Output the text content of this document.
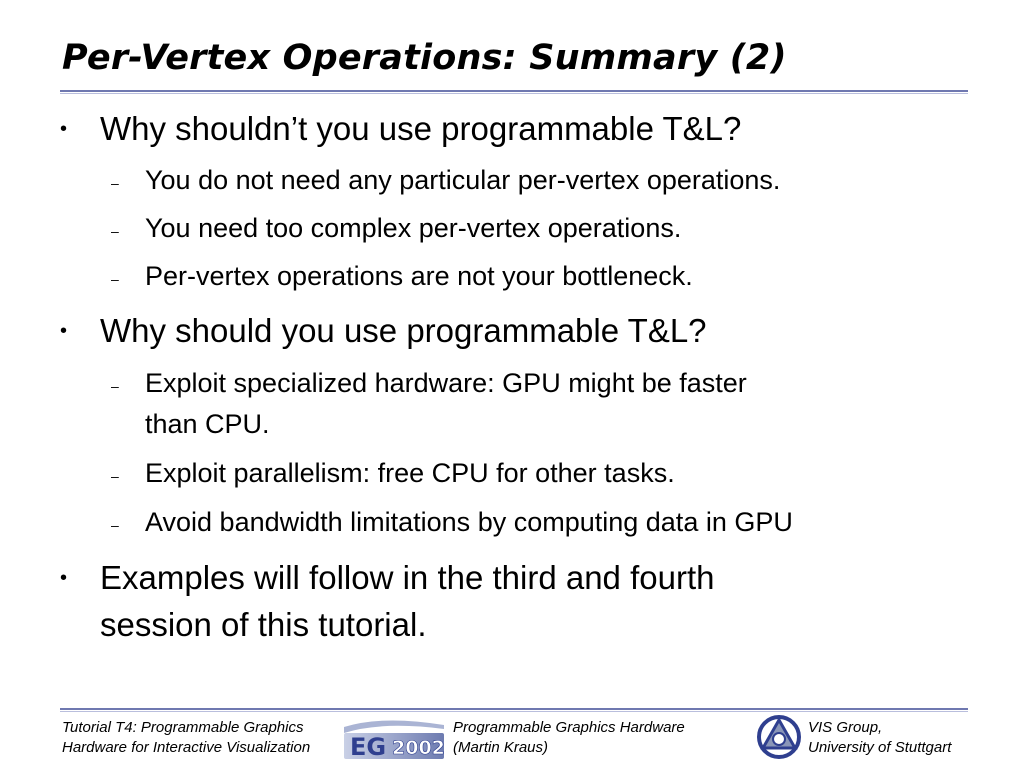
Per-Vertex Operations: Summary (2)
• Why shouldn’t you use programmable T&L?
– You do not need any particular per-vertex operations.
– You need too complex per-vertex operations.
– Per-vertex operations are not your bottleneck.
• Why should you use programmable T&L?
– Exploit specialized hardware: GPU might be faster
than CPU.
– Exploit parallelism: free CPU for other tasks.
– Avoid bandwidth limitations by computing data in GPU
• Examples will follow in the third and fourth
session of this tutorial.
Tutorial T4: Programmable Graphics
Hardware for Interactive Visualization EG 2002
Programmable Graphics Hardware
(Martin Kraus)
VIS Group,
University of Stuttgart
